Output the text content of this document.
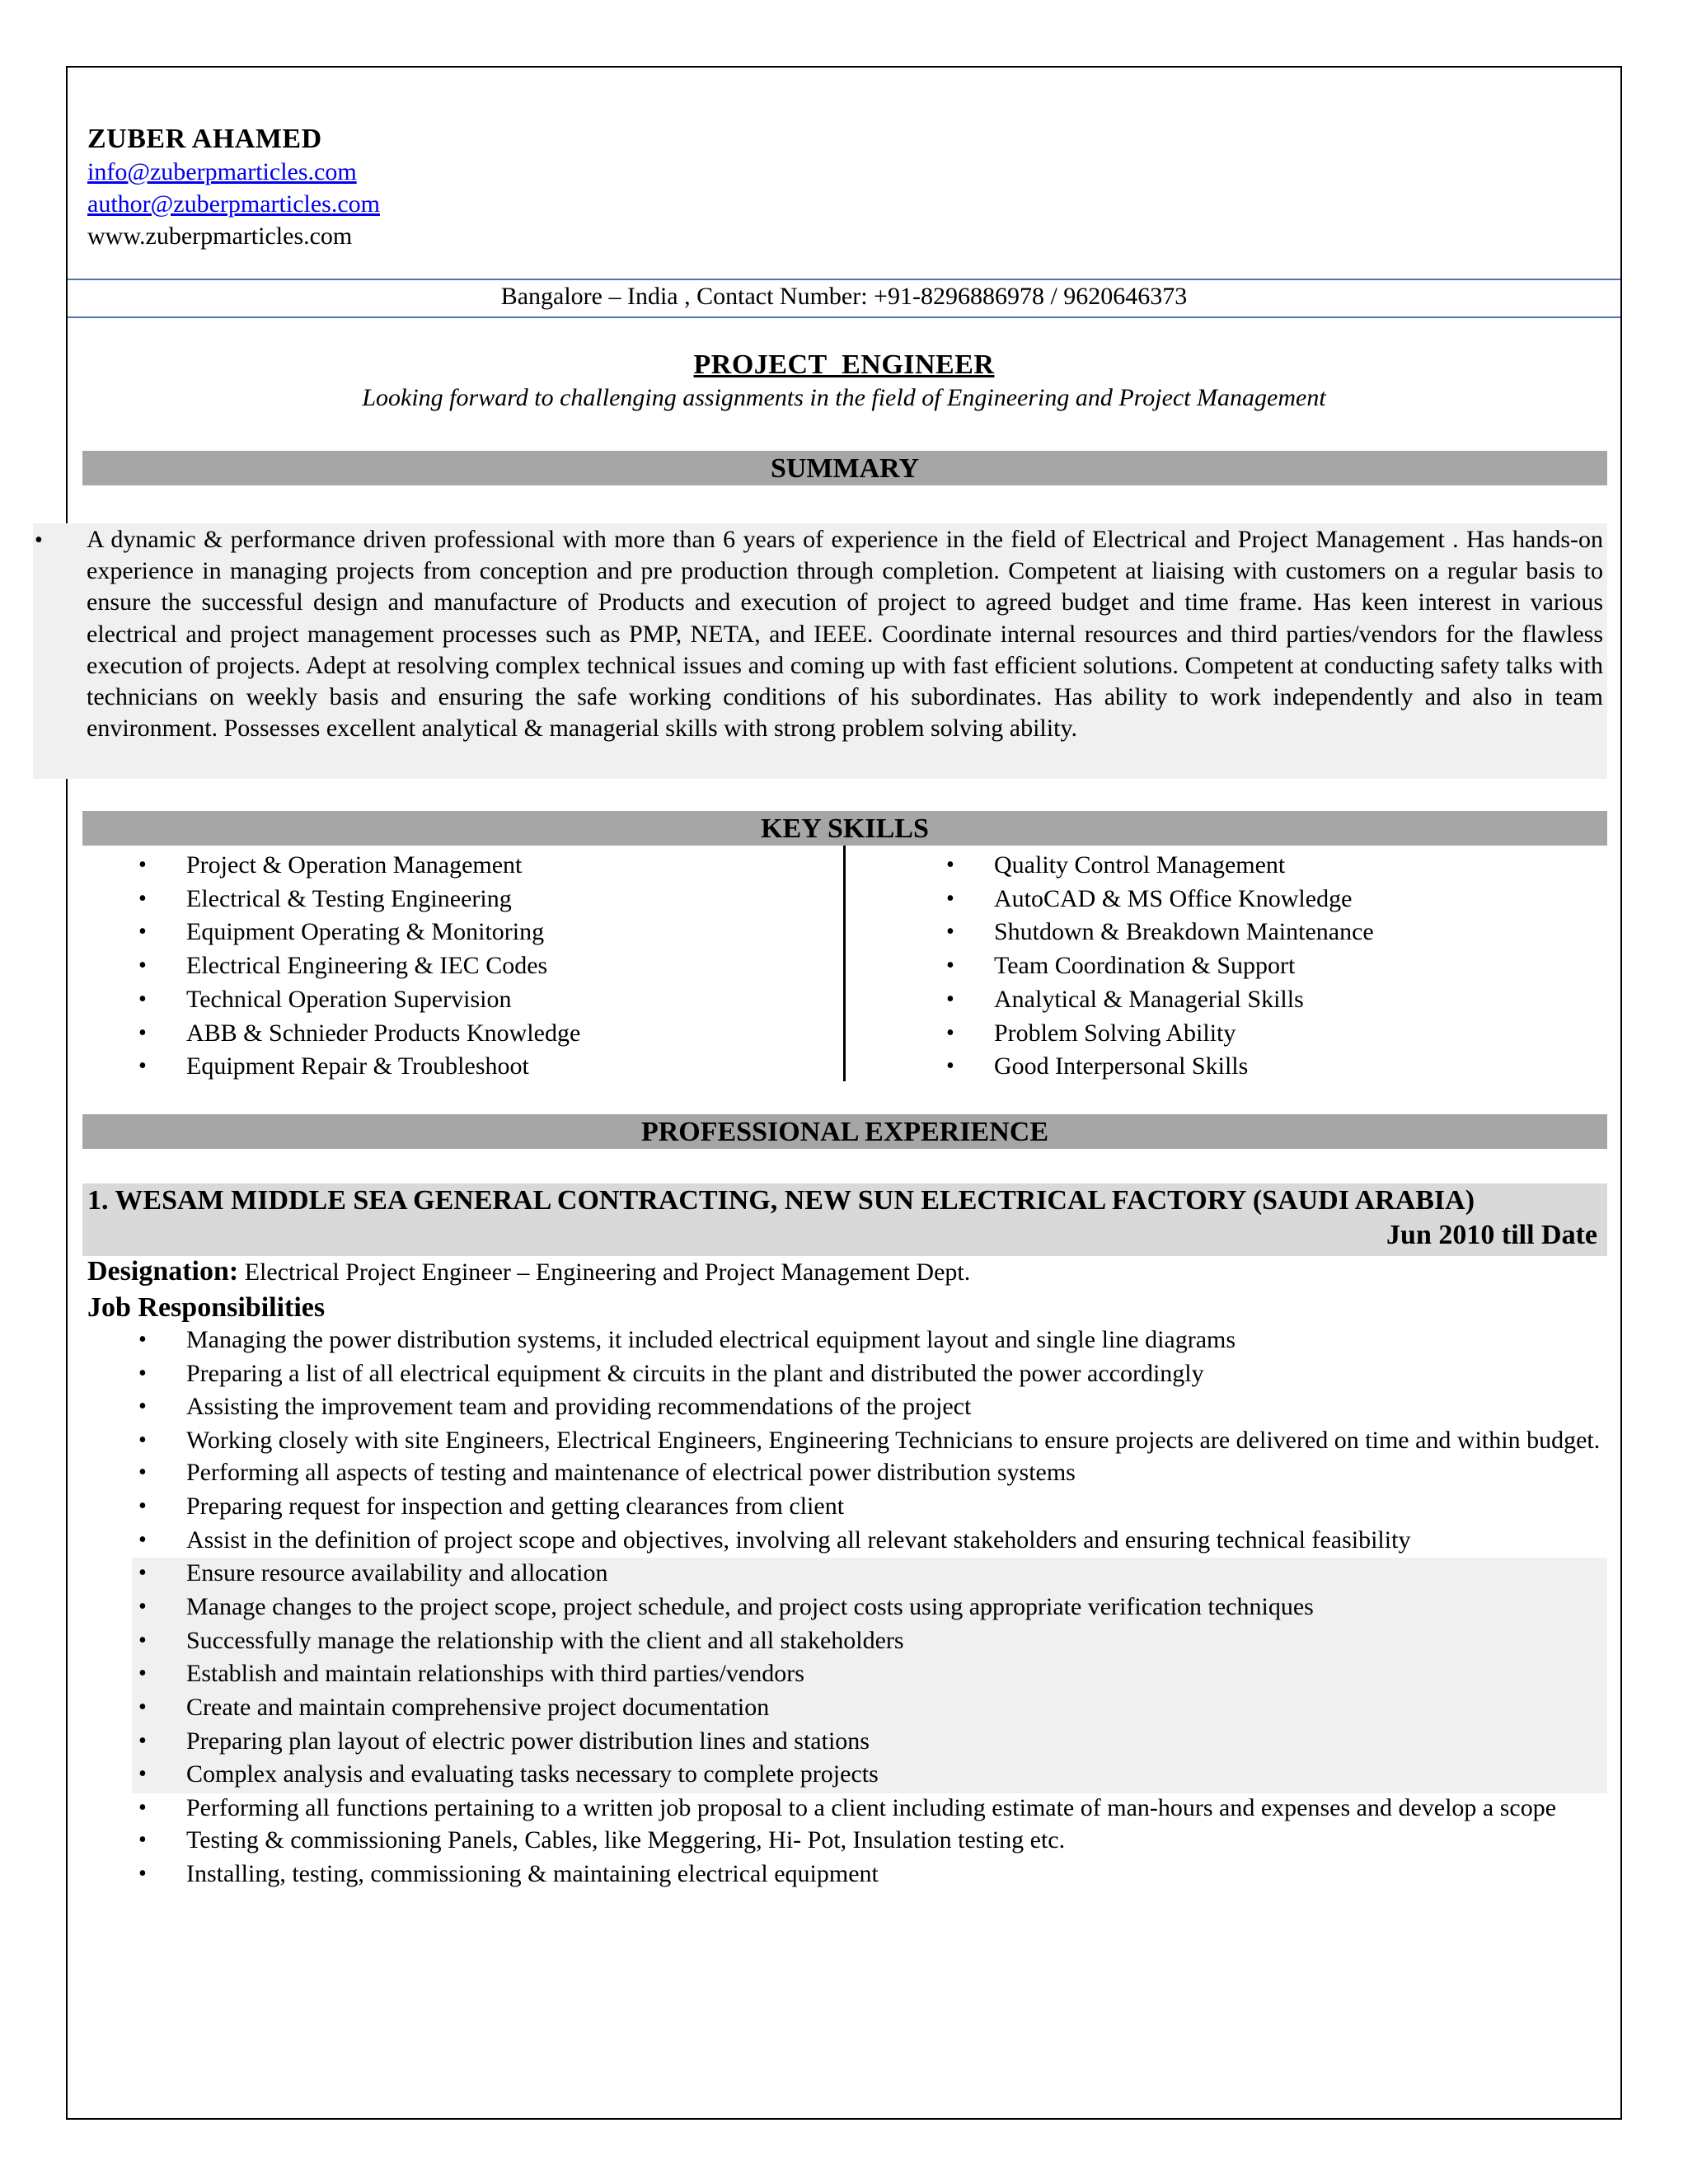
ZUBER AHAMED
info@zuberpmarticles.com
author@zuberpmarticles.com
www.zuberpmarticles.com
Bangalore – India , Contact Number: +91-8296886978 / 9620646373
PROJECT  ENGINEER
Looking forward to challenging assignments in the field of Engineering and Project Management
SUMMARY
• A dynamic & performance driven professional with more than 6 years of experience in the field of Electrical and Project Management . Has hands-on experience in managing projects from conception and pre production through completion. Competent at liaising with customers on a regular basis to ensure the successful design and manufacture of Products and execution of project to agreed budget and time frame. Has keen interest in various electrical and project management processes such as PMP, NETA, and IEEE. Coordinate internal resources and third parties/vendors for the flawless execution of projects. Adept at resolving complex technical issues and coming up with fast efficient solutions. Competent at conducting safety talks with technicians on weekly basis and ensuring the safe working conditions of his subordinates. Has ability to work independently and also in team environment. Possesses excellent analytical & managerial skills with strong problem solving ability.
KEY SKILLS
• Project & Operation Management
• Electrical & Testing Engineering
• Equipment Operating & Monitoring
• Electrical Engineering & IEC Codes
• Technical Operation Supervision
• ABB & Schnieder Products Knowledge
• Equipment Repair & Troubleshoot
• Quality Control Management
• AutoCAD & MS Office Knowledge
• Shutdown & Breakdown Maintenance
• Team Coordination & Support
• Analytical & Managerial Skills
• Problem Solving Ability
• Good Interpersonal Skills
PROFESSIONAL EXPERIENCE
1. WESAM MIDDLE SEA GENERAL CONTRACTING, NEW SUN ELECTRICAL FACTORY (SAUDI ARABIA)
Jun 2010 till Date
Designation: Electrical Project Engineer – Engineering and Project Management Dept.
Job Responsibilities
• Managing the power distribution systems, it included electrical equipment layout and single line diagrams
• Preparing a list of all electrical equipment & circuits in the plant and distributed the power accordingly
• Assisting the improvement team and providing recommendations of the project
• Working closely with site Engineers, Electrical Engineers, Engineering Technicians to ensure projects are delivered on time and within budget.
• Performing all aspects of testing and maintenance of electrical power distribution systems
• Preparing request for inspection and getting clearances from client
• Assist in the definition of project scope and objectives, involving all relevant stakeholders and ensuring technical feasibility
• Ensure resource availability and allocation
• Manage changes to the project scope, project schedule, and project costs using appropriate verification techniques
• Successfully manage the relationship with the client and all stakeholders
• Establish and maintain relationships with third parties/vendors
• Create and maintain comprehensive project documentation
• Preparing plan layout of electric power distribution lines and stations
• Complex analysis and evaluating tasks necessary to complete projects
• Performing all functions pertaining to a written job proposal to a client including estimate of man-hours and expenses and develop a scope
• Testing & commissioning Panels, Cables, like Meggering, Hi- Pot, Insulation testing etc.
• Installing, testing, commissioning & maintaining electrical equipment
